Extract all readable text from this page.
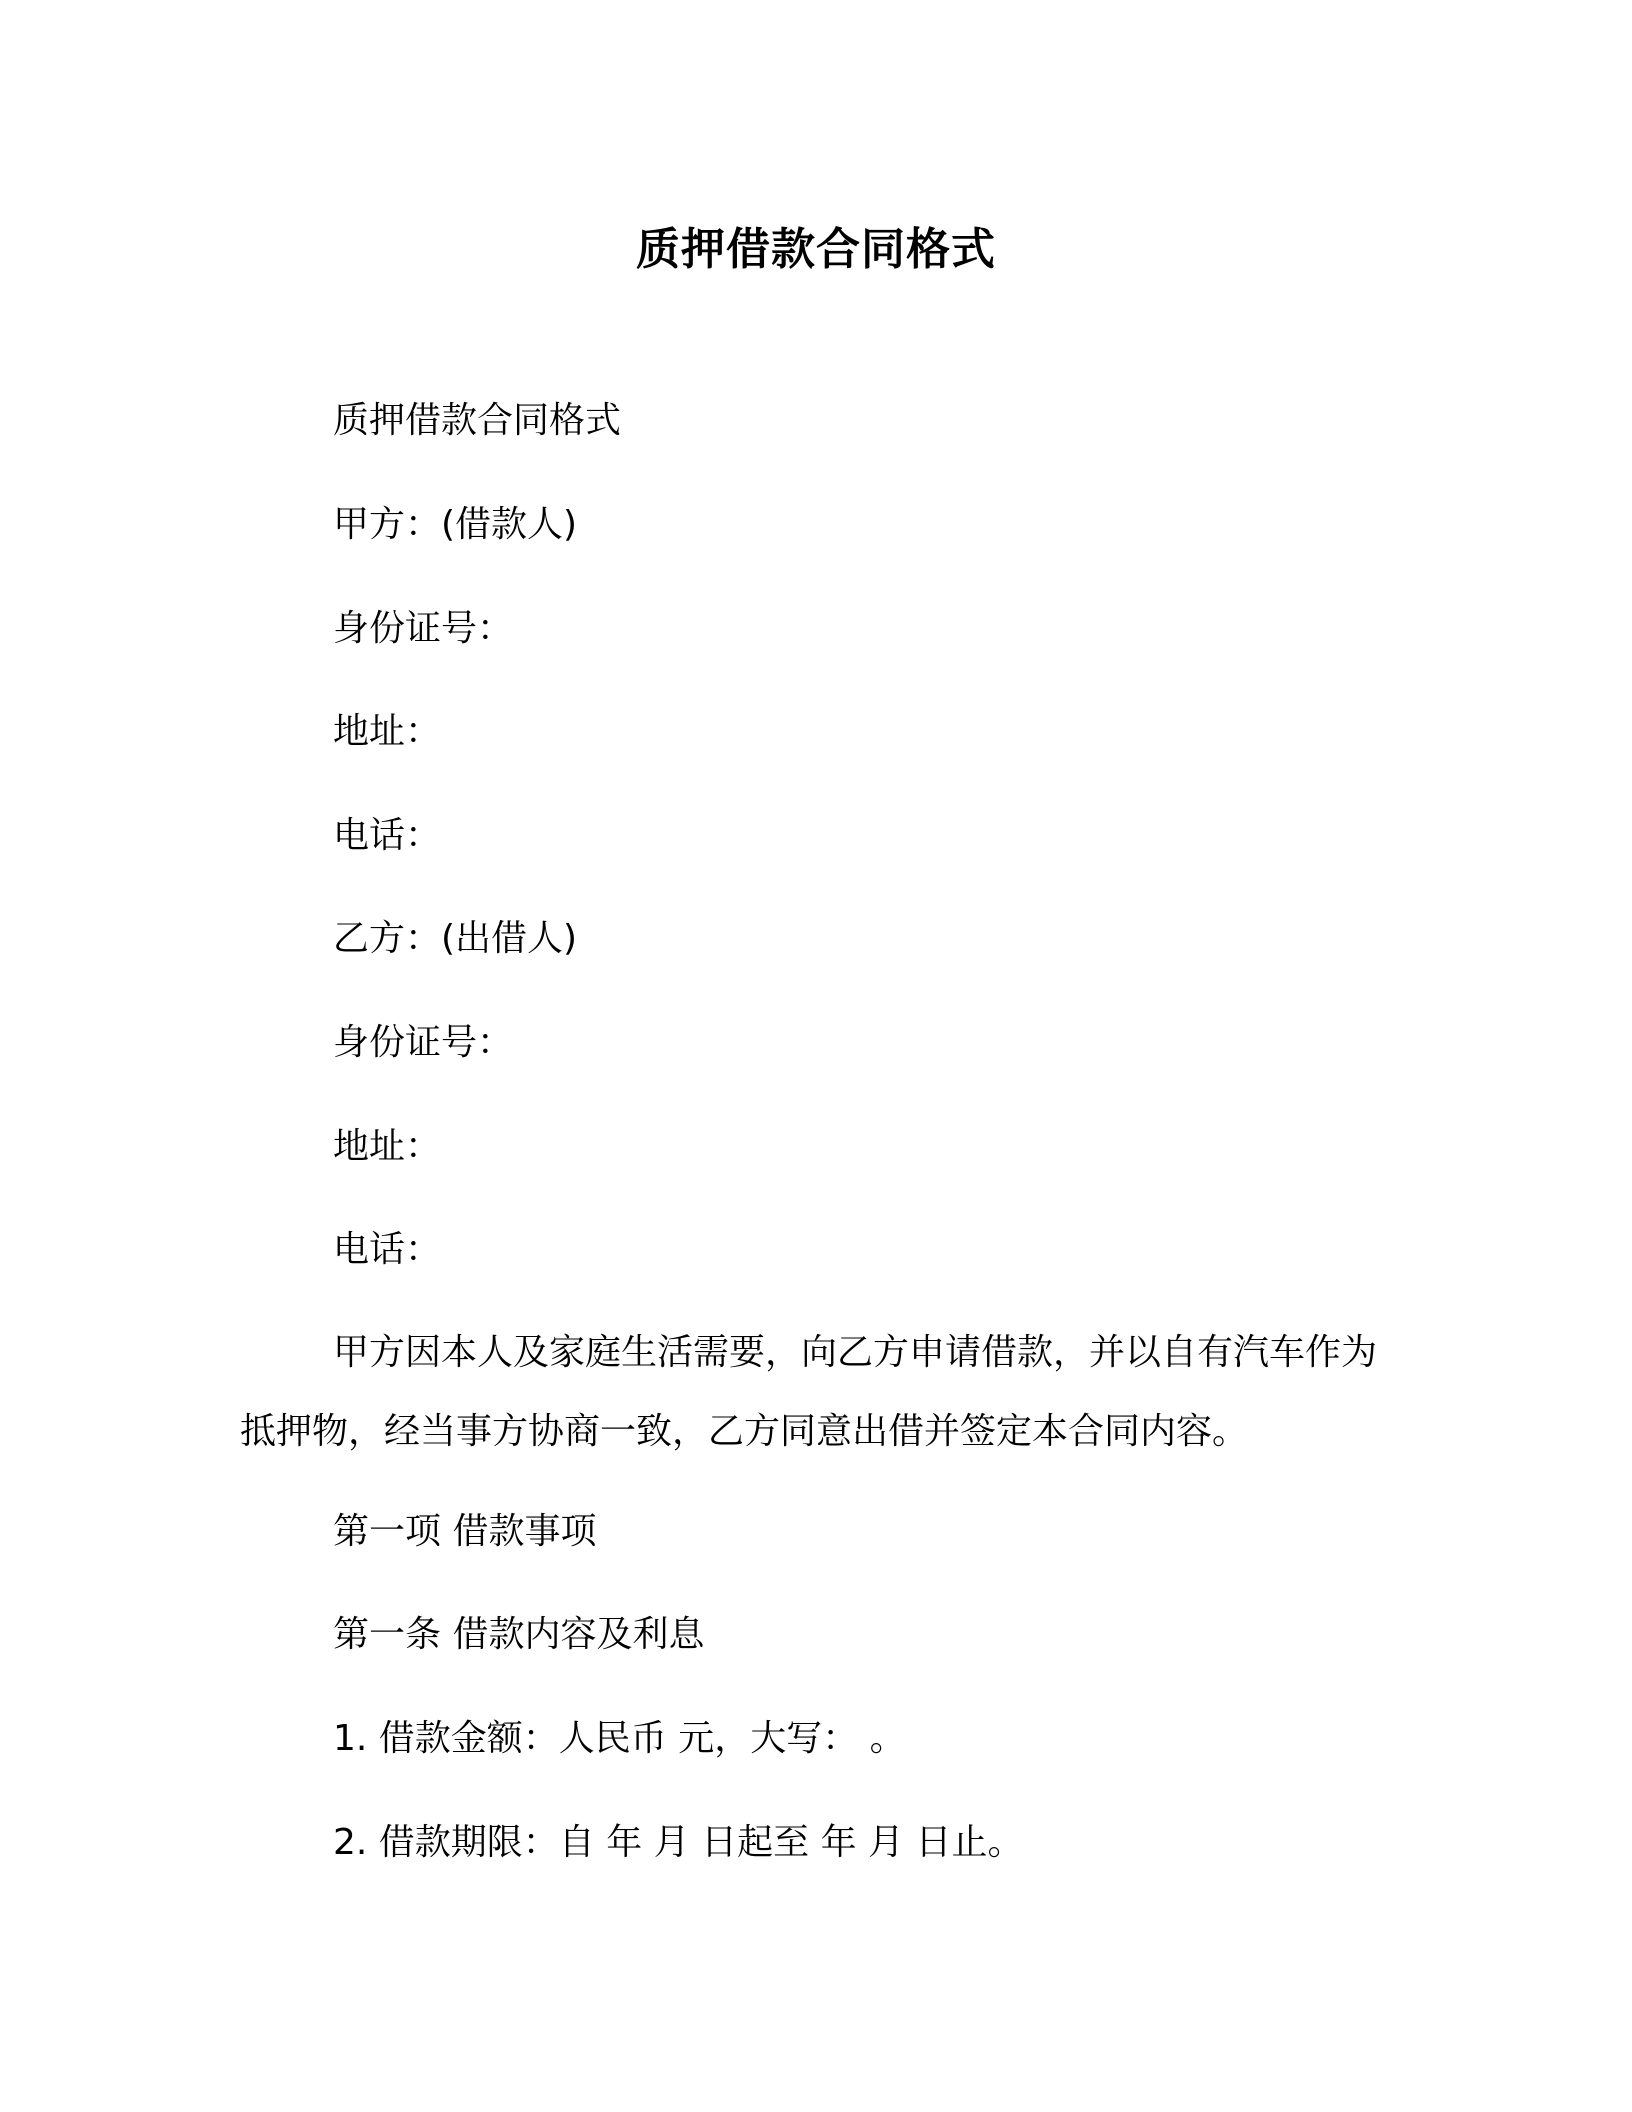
质押借款合同格式

质押借款合同格式

甲方：(借款人)

身份证号：

地址：

电话：

乙方：(出借人)

身份证号：

地址：

电话：

甲方因本人及家庭生活需要，向乙方申请借款，并以自有汽车作为抵押物，经当事方协商一致，乙方同意出借并签定本合同内容。

第一项 借款事项

第一条 借款内容及利息

1. 借款金额：人民币 元，大写： 。

2. 借款期限：自 年 月 日起至 年 月 日止。
